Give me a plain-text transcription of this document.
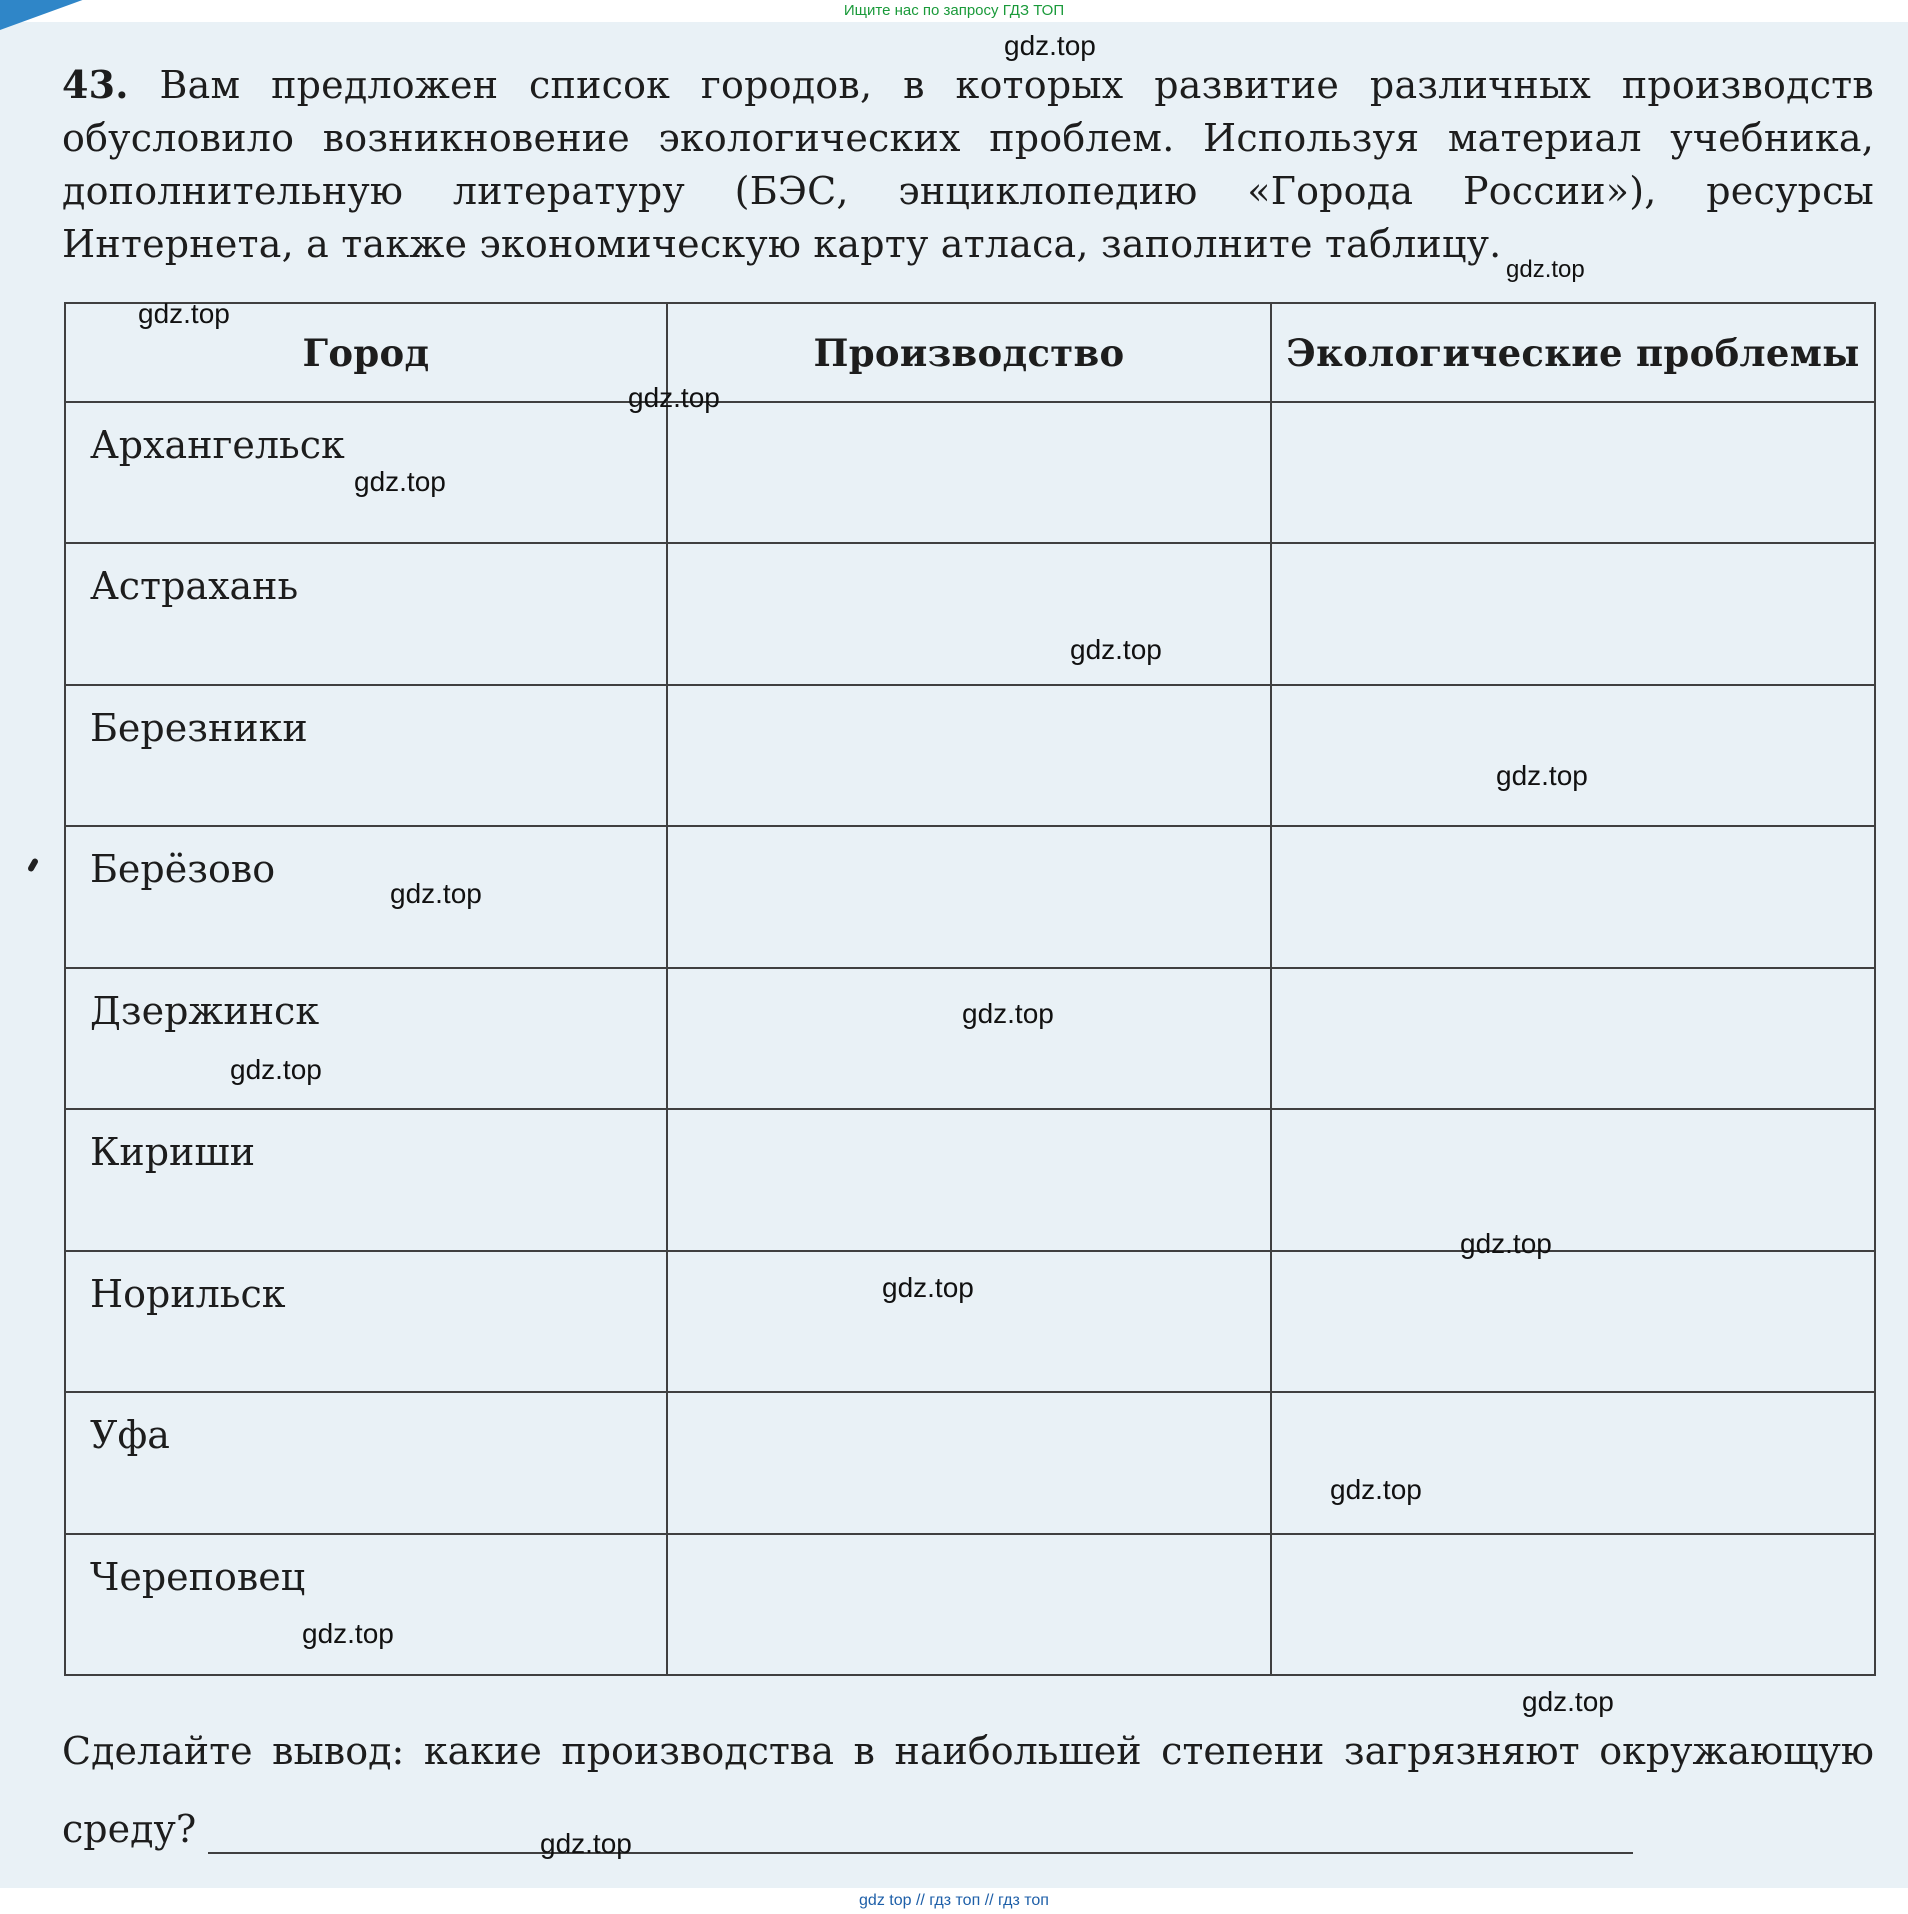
Ищите нас по запросу ГДЗ ТОП
43. Вам предложен список городов, в которых развитие различных производств обусловило возникновение экологических проблем. Используя материал учебника, дополнительную литературу (БЭС, энциклопедию «Города России»), ресурсы Интернета, а также экономическую карту атласа, заполните таблицу.
Город	Производство	Экологические проблемы

Архангельск		

Астрахань		

Березники		

Берёзово		

Дзержинск		

Кириши		

Норильск		

Уфа		

Череповец		

Сделайте вывод: какие производства в наибольшей степени загрязняют окружающую среду?
gdz.top
gdz.top
gdz.top
gdz.top
gdz.top
gdz.top
gdz.top
gdz.top
gdz.top
gdz.top
gdz.top
gdz.top
gdz.top
gdz.top
gdz.top
gdz.top
gdz top // гдз топ // гдз топ
